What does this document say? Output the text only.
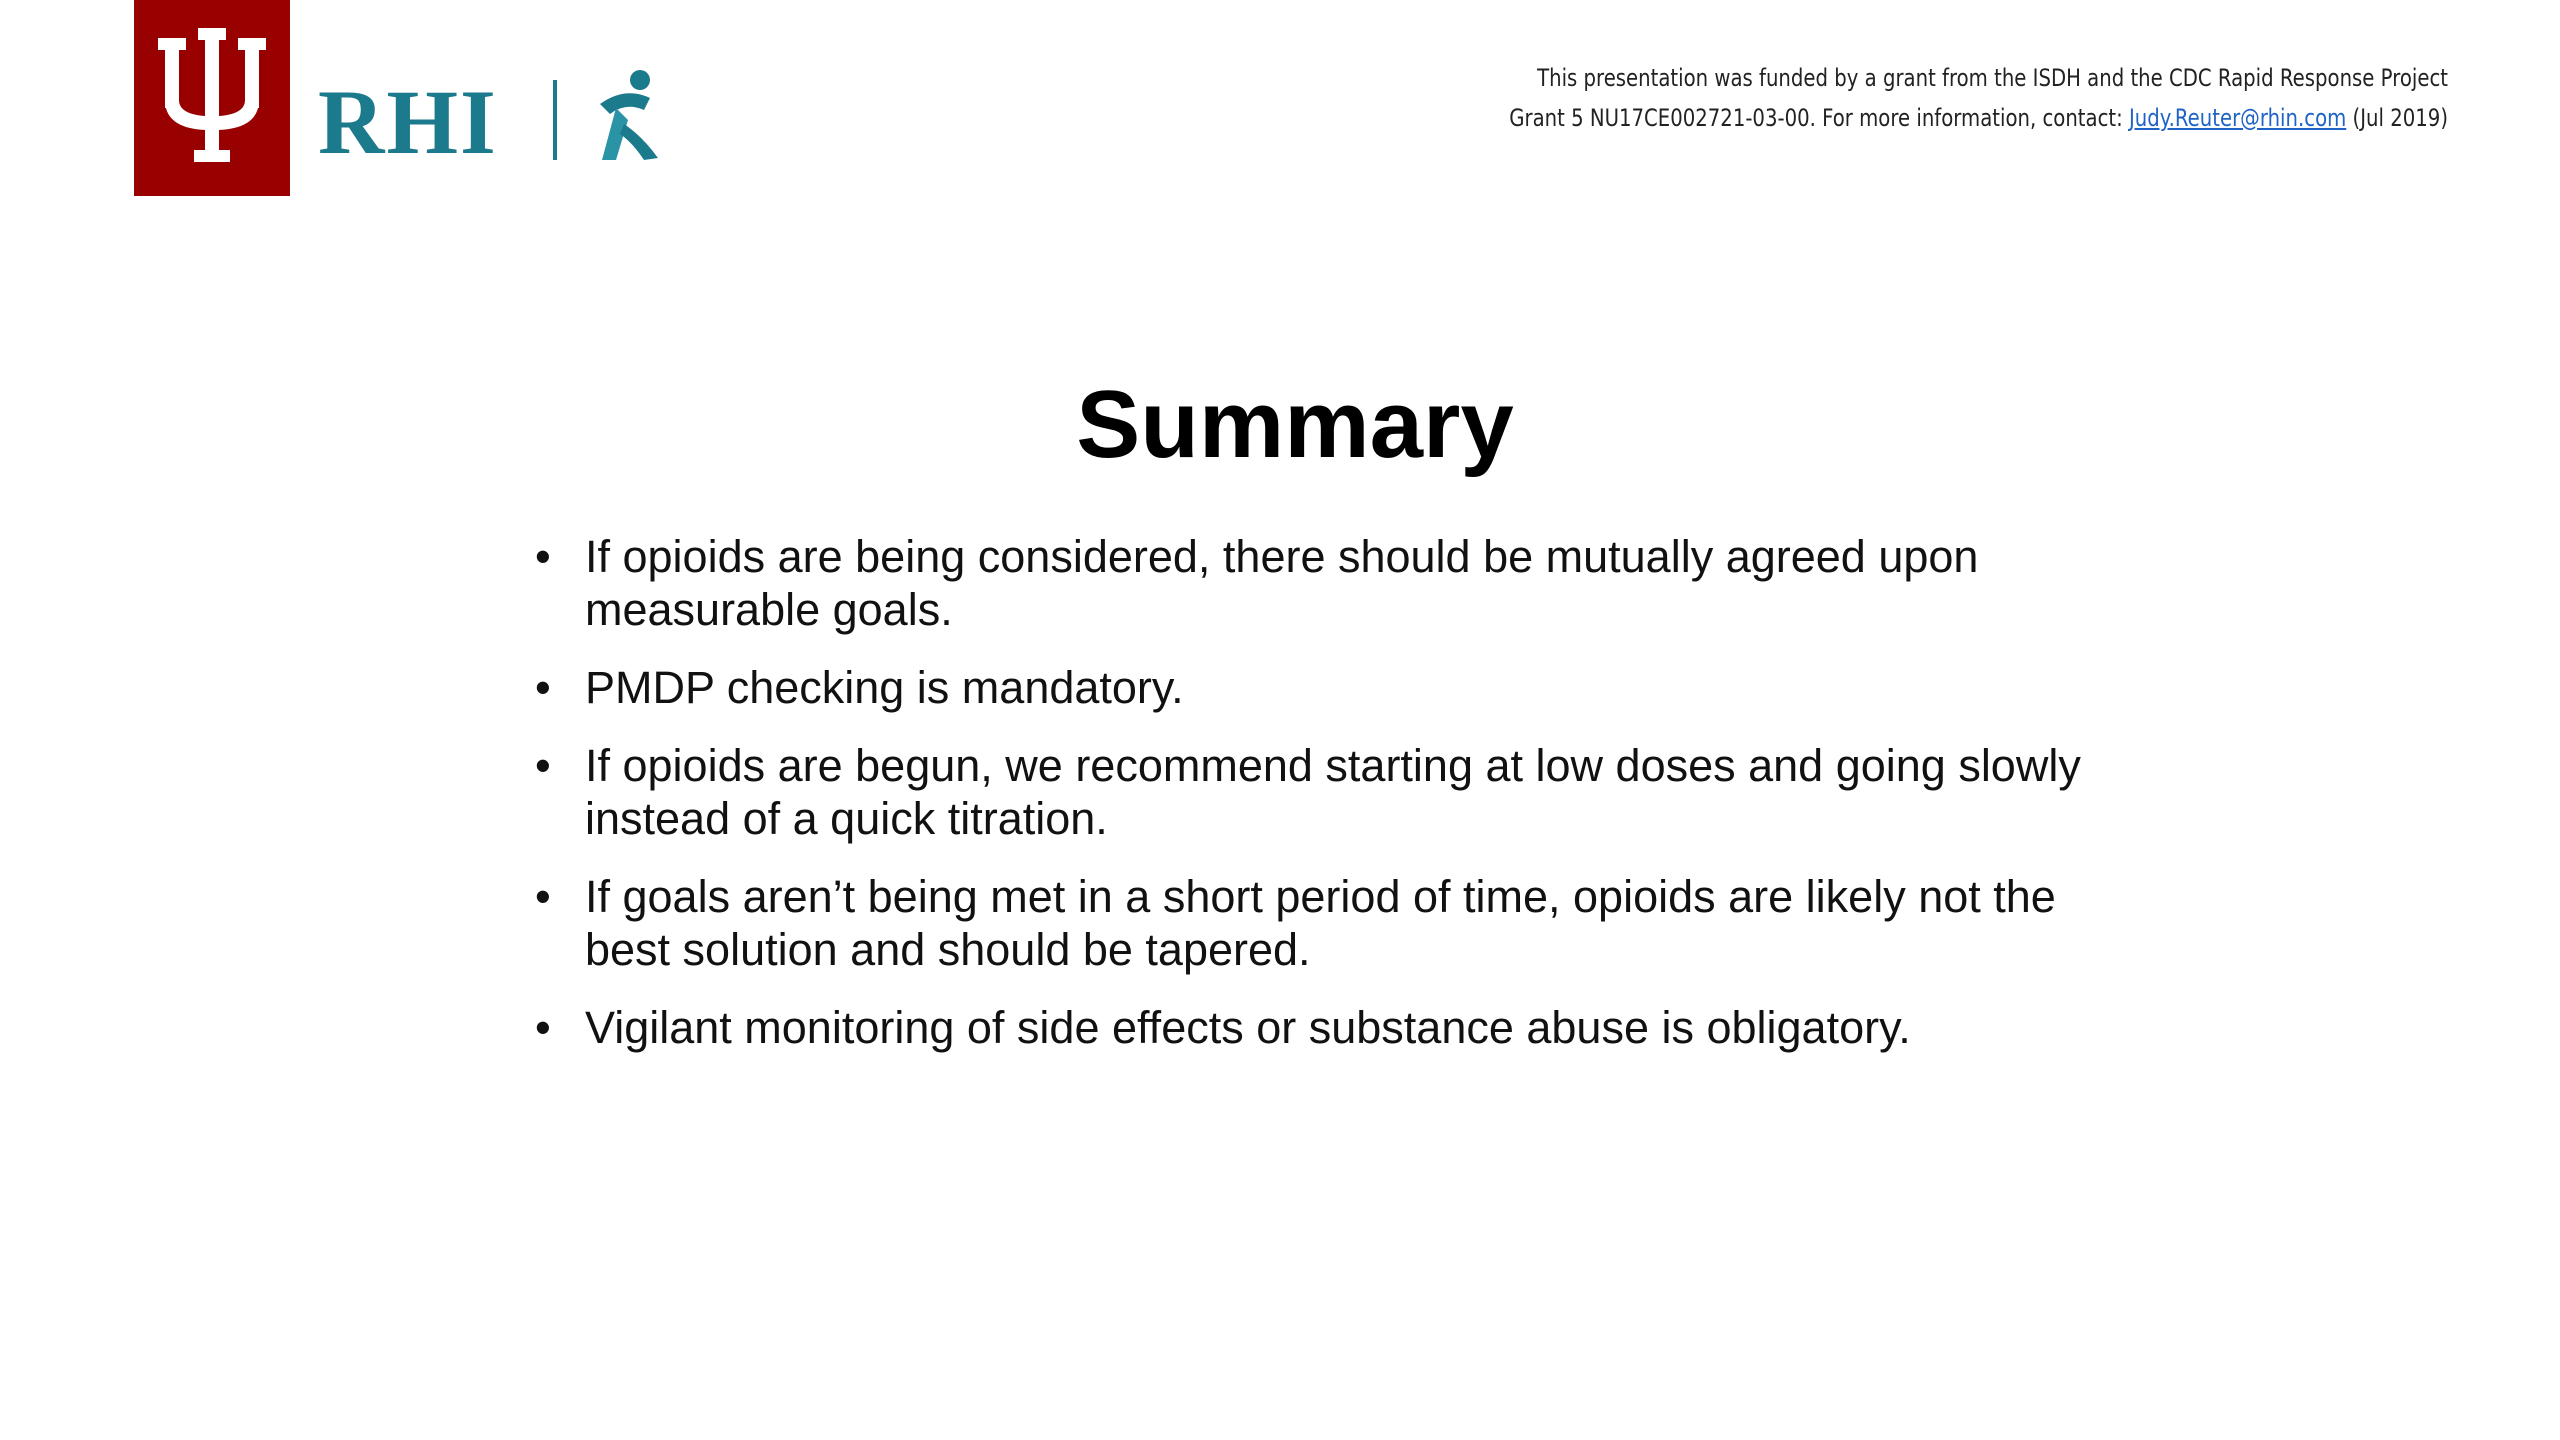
RHI	This presentation was funded by a grant from the ISDH and the CDC Rapid Response Project
Grant 5 NU17CE002721-03-00. For more information, contact: Judy.Reuter@rhin.com (Jul 2019)
Summary
• If opioids are being considered, there should be mutually agreed upon measurable goals.
• PMDP checking is mandatory.
• If opioids are begun, we recommend starting at low doses and going slowly instead of a quick titration.
• If goals aren’t being met in a short period of time, opioids are likely not the best solution and should be tapered.
• Vigilant monitoring of side effects or substance abuse is obligatory.
